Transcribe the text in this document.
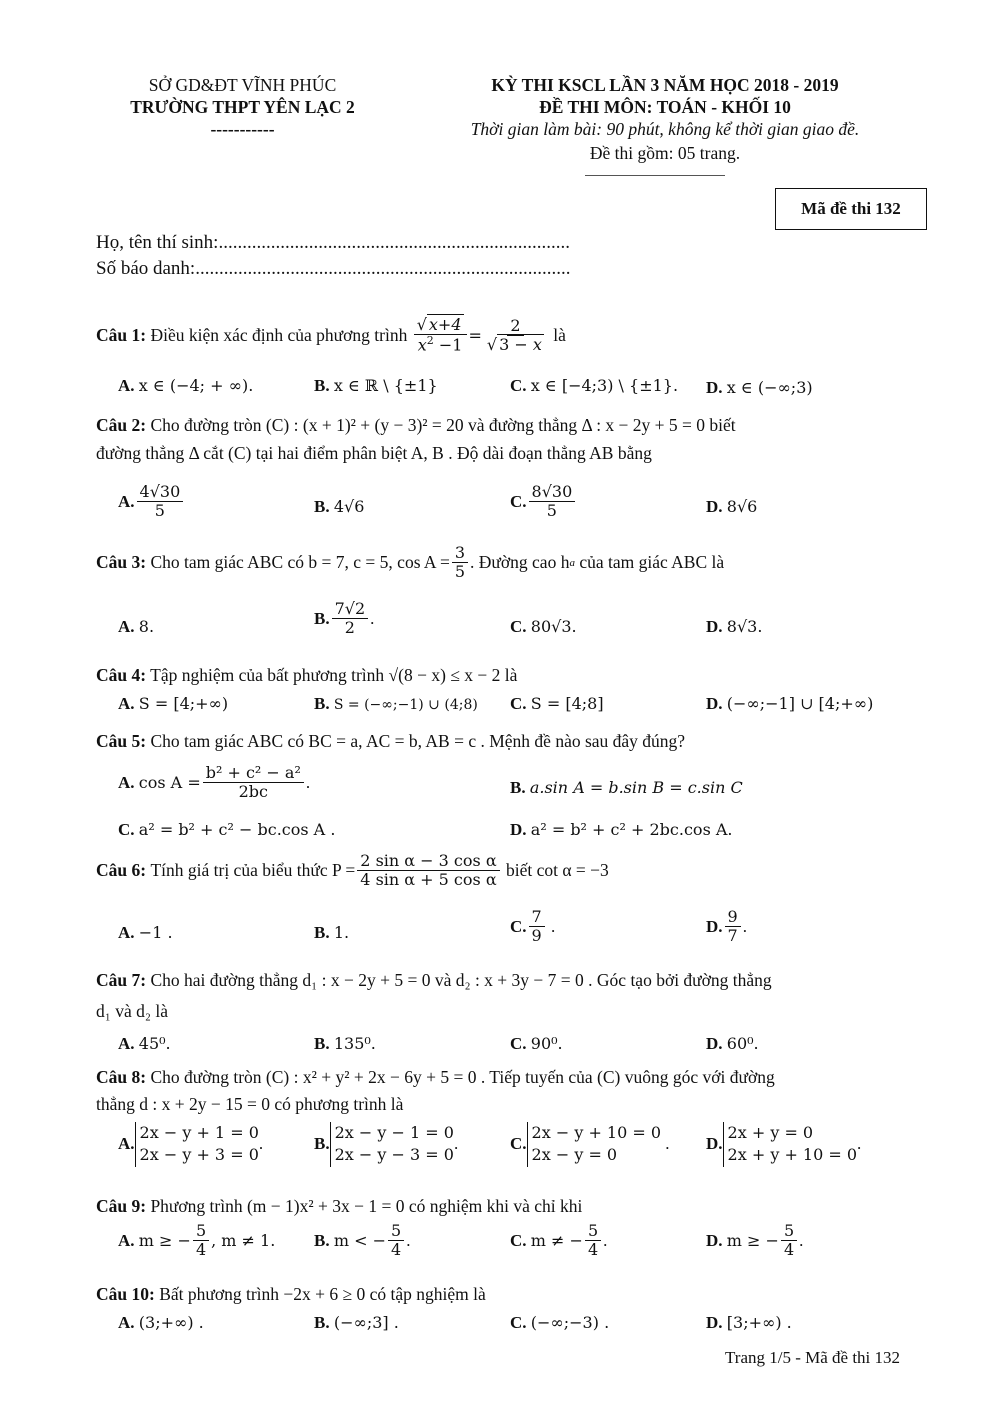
SỞ GD&ĐT VĨNH PHÚC
TRƯỜNG THPT YÊN LẠC 2
-----------
KỲ THI KSCL LẦN 3 NĂM HỌC 2018 - 2019
ĐỀ THI MÔN: TOÁN - KHỐI 10
Thời gian làm bài: 90 phút, không kể thời gian giao đề.
Đề thi gồm: 05 trang.
Mã đề thi 132
Họ, tên thí sinh:..........................................................................
Số báo danh:...............................................................................
Câu 1:
Điều kiện xác định của phương trình
$\frac{√ x+4}{x^2 -1} = \frac{2}{√ 3 - x}$
là
A. x ∈ (−4; + ∞).	B. x ∈ ℝ \ {±1}	C. x ∈ [−4;3) \ {±1}. D. x ∈ (−∞;3)
Câu 2: Cho đường tròn (C) : (x + 1)² + (y − 3)² = 20 và đường thẳng Δ : x − 2y + 5 = 0 biết
đường thẳng Δ cắt (C) tại hai điểm phân biệt A, B . Độ dài đoạn thẳng AB bằng
A. $\frac{4√30}{5}$	B. 4√6	C. $\frac{8√30}{5}$	D. 8√6
Câu 3:
Cho tam giác ABC có b = 7, c = 5, $\cos A = \frac{3}{5}$ . Đường cao h a
của tam giác ABC là
A. 8.	B. $\frac{7√2}{2}$ .	C. 80√3.	D. 8√3.
Câu 4: Tập nghiệm của bất phương trình √(8 − x) ≤ x − 2 là
A. S = [4;+∞)	B. S = (−∞;−1) ∪ (4;8) C. S = [4;8]	D. (−∞;−1] ∪ [4;+∞)
Câu 5: Cho tam giác ABC có BC = a, AC = b, AB = c . Mệnh đề nào sau đây đúng?
A.
$\cos A = \frac{\text{b² + c² − a²}}{2bc}$ .	B. a.sin A = b.sin B = c.sin C
C. a² = b² + c² − bc.cos A .	D. a² = b² + c² + 2bc.cos A.
Câu 6:
Tính giá trị của biểu thức $P = \frac{\text{2 sin α − 3 cos α}}{\text{4 sin α + 5 cos α}}$
biết cot α = −3
A. −1 .	B. 1.	C. $\frac{7}{9}$ .	D. $\frac{9}{7}$ .
Câu 7: Cho hai đường thẳng d₁ : x − 2y + 5 = 0 và d₂ : x + 3y − 7 = 0 . Góc tạo bởi đường thẳng
d₁ và d₂ là
A. 45⁰.	B. 135⁰.	C. 90⁰.	D. 60⁰.
Câu 8: Cho đường tròn (C) : x² + y² + 2x − 6y + 5 = 0 . Tiếp tuyến của (C) vuông góc với đường
thẳng d : x + 2y − 15 = 0 có phương trình là
A.
2x − y + 1 = 0
2x − y + 3 = 0
.	B.
2x − y − 1 = 0
2x − y − 3 = 0
.	C.
2x − y + 10 = 0
2x − y = 0
. D.
2x + y = 0
2x + y + 10 = 0
.
Câu 9: Phương trình (m − 1)x² + 3x − 1 = 0 có nghiệm khi và chỉ khi
A.
m ≥ − $\frac{5}{4}$ , m ≠ 1. B.
m < − $\frac{5}{4}$ .	C.
m ≠ − $\frac{5}{4}$ .	D.
m ≥ − $\frac{5}{4}$ .
Câu 10: Bất phương trình −2x + 6 ≥ 0 có tập nghiệm là
A. (3;+∞) .	B. (−∞;3] .	C. (−∞;−3) .	D. [3;+∞) .
Trang 1/5 - Mã đề thi 132
